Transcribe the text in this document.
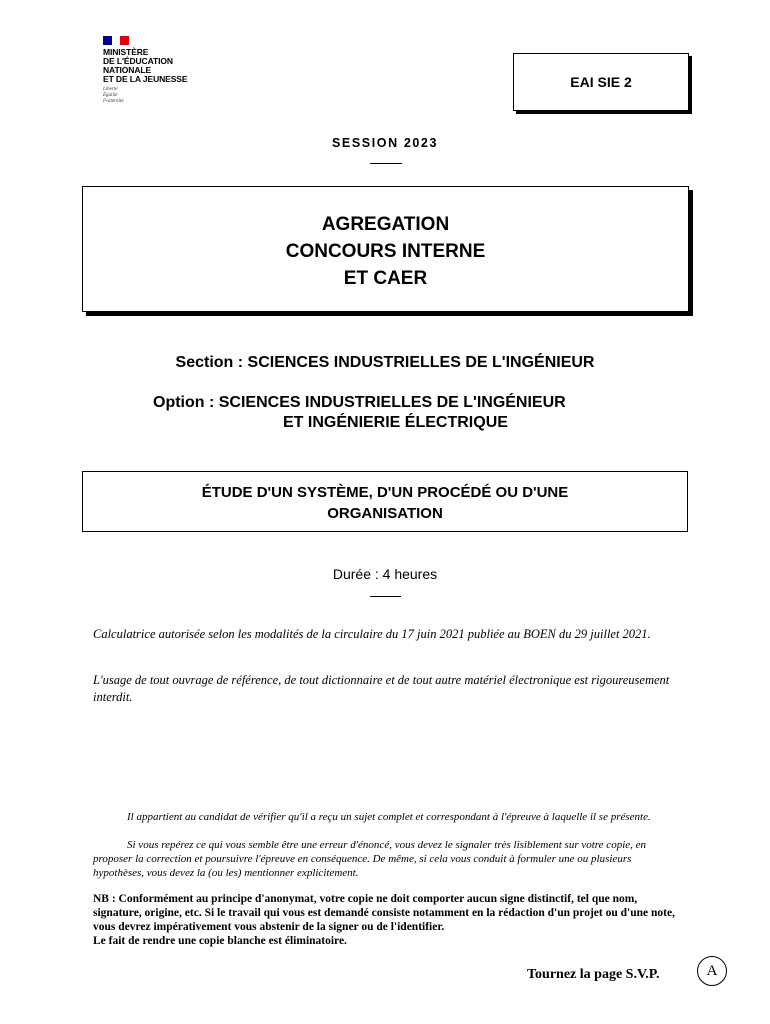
MINISTÈRE
DE L'ÉDUCATION
NATIONALE
ET DE LA JEUNESSE
Liberté
Égalité
Fraternité
EAI SIE 2
SESSION 2023
AGREGATION
CONCOURS INTERNE
ET CAER
Section : SCIENCES INDUSTRIELLES DE L'INGÉNIEUR
Option : SCIENCES INDUSTRIELLES DE L'INGÉNIEUR
ET INGÉNIERIE ÉLECTRIQUE
ÉTUDE D'UN SYSTÈME, D'UN PROCÉDÉ OU D'UNE
ORGANISATION
Durée : 4 heures
Calculatrice autorisée selon les modalités de la circulaire du 17 juin 2021 publiée au BOEN du 29 juillet 2021.
L'usage de tout ouvrage de référence, de tout dictionnaire et de tout autre matériel électronique est rigoureusement interdit.
Il appartient au candidat de vérifier qu'il a reçu un sujet complet et correspondant à l'épreuve à laquelle il se présente.
Si vous repérez ce qui vous semble être une erreur d'énoncé, vous devez le signaler très lisiblement sur votre copie, en proposer la correction et poursuivre l'épreuve en conséquence. De même, si cela vous conduit à formuler une ou plusieurs hypothèses, vous devez la (ou les) mentionner explicitement.
NB : Conformément au principe d'anonymat, votre copie ne doit comporter aucun signe distinctif, tel que nom, signature, origine, etc. Si le travail qui vous est demandé consiste notamment en la rédaction d'un projet ou d'une note, vous devrez impérativement vous abstenir de la signer ou de l'identifier.
Le fait de rendre une copie blanche est éliminatoire.
Tournez la page S.V.P.	A
